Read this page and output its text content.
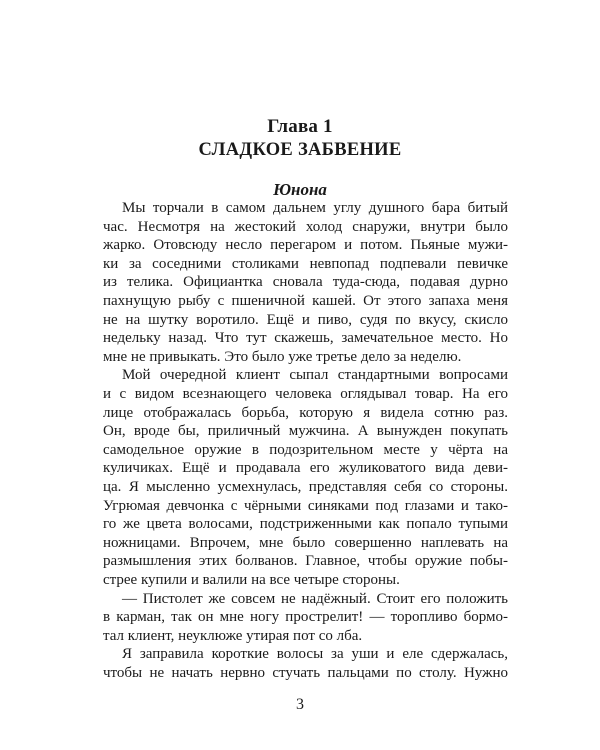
Глава 1
СЛАДКОЕ ЗАБВЕНИЕ
Юнона
Мы торчали в самом дальнем углу душного бара битый
час. Несмотря на жестокий холод снаружи, внутри было
жарко. Отовсюду несло перегаром и потом. Пьяные мужи-
ки за соседними столиками невпопад подпевали певичке
из телика. Официантка сновала туда-сюда, подавая дурно
пахнущую рыбу с пшеничной кашей. От этого запаха меня
не на шутку воротило. Ещё и пиво, судя по вкусу, скисло
недельку назад. Что тут скажешь, замечательное место. Но
мне не привыкать. Это было уже третье дело за неделю.
Мой очередной клиент сыпал стандартными вопросами
и с видом всезнающего человека оглядывал товар. На его
лице отображалась борьба, которую я видела сотню раз.
Он, вроде бы, приличный мужчина. А вынужден покупать
самодельное оружие в подозрительном месте у чёрта на
куличиках. Ещё и продавала его жуликоватого вида деви-
ца. Я мысленно усмехнулась, представляя себя со стороны.
Угрюмая девчонка с чёрными синяками под глазами и тако-
го же цвета волосами, подстриженными как попало тупыми
ножницами. Впрочем, мне было совершенно наплевать на
размышления этих болванов. Главное, чтобы оружие побы-
стрее купили и валили на все четыре стороны.
— Пистолет же совсем не надёжный. Стоит его положить
в карман, так он мне ногу прострелит! — торопливо бормо-
тал клиент, неуклюже утирая пот со лба.
Я заправила короткие волосы за уши и еле сдержалась,
чтобы не начать нервно стучать пальцами по столу. Нужно
3
